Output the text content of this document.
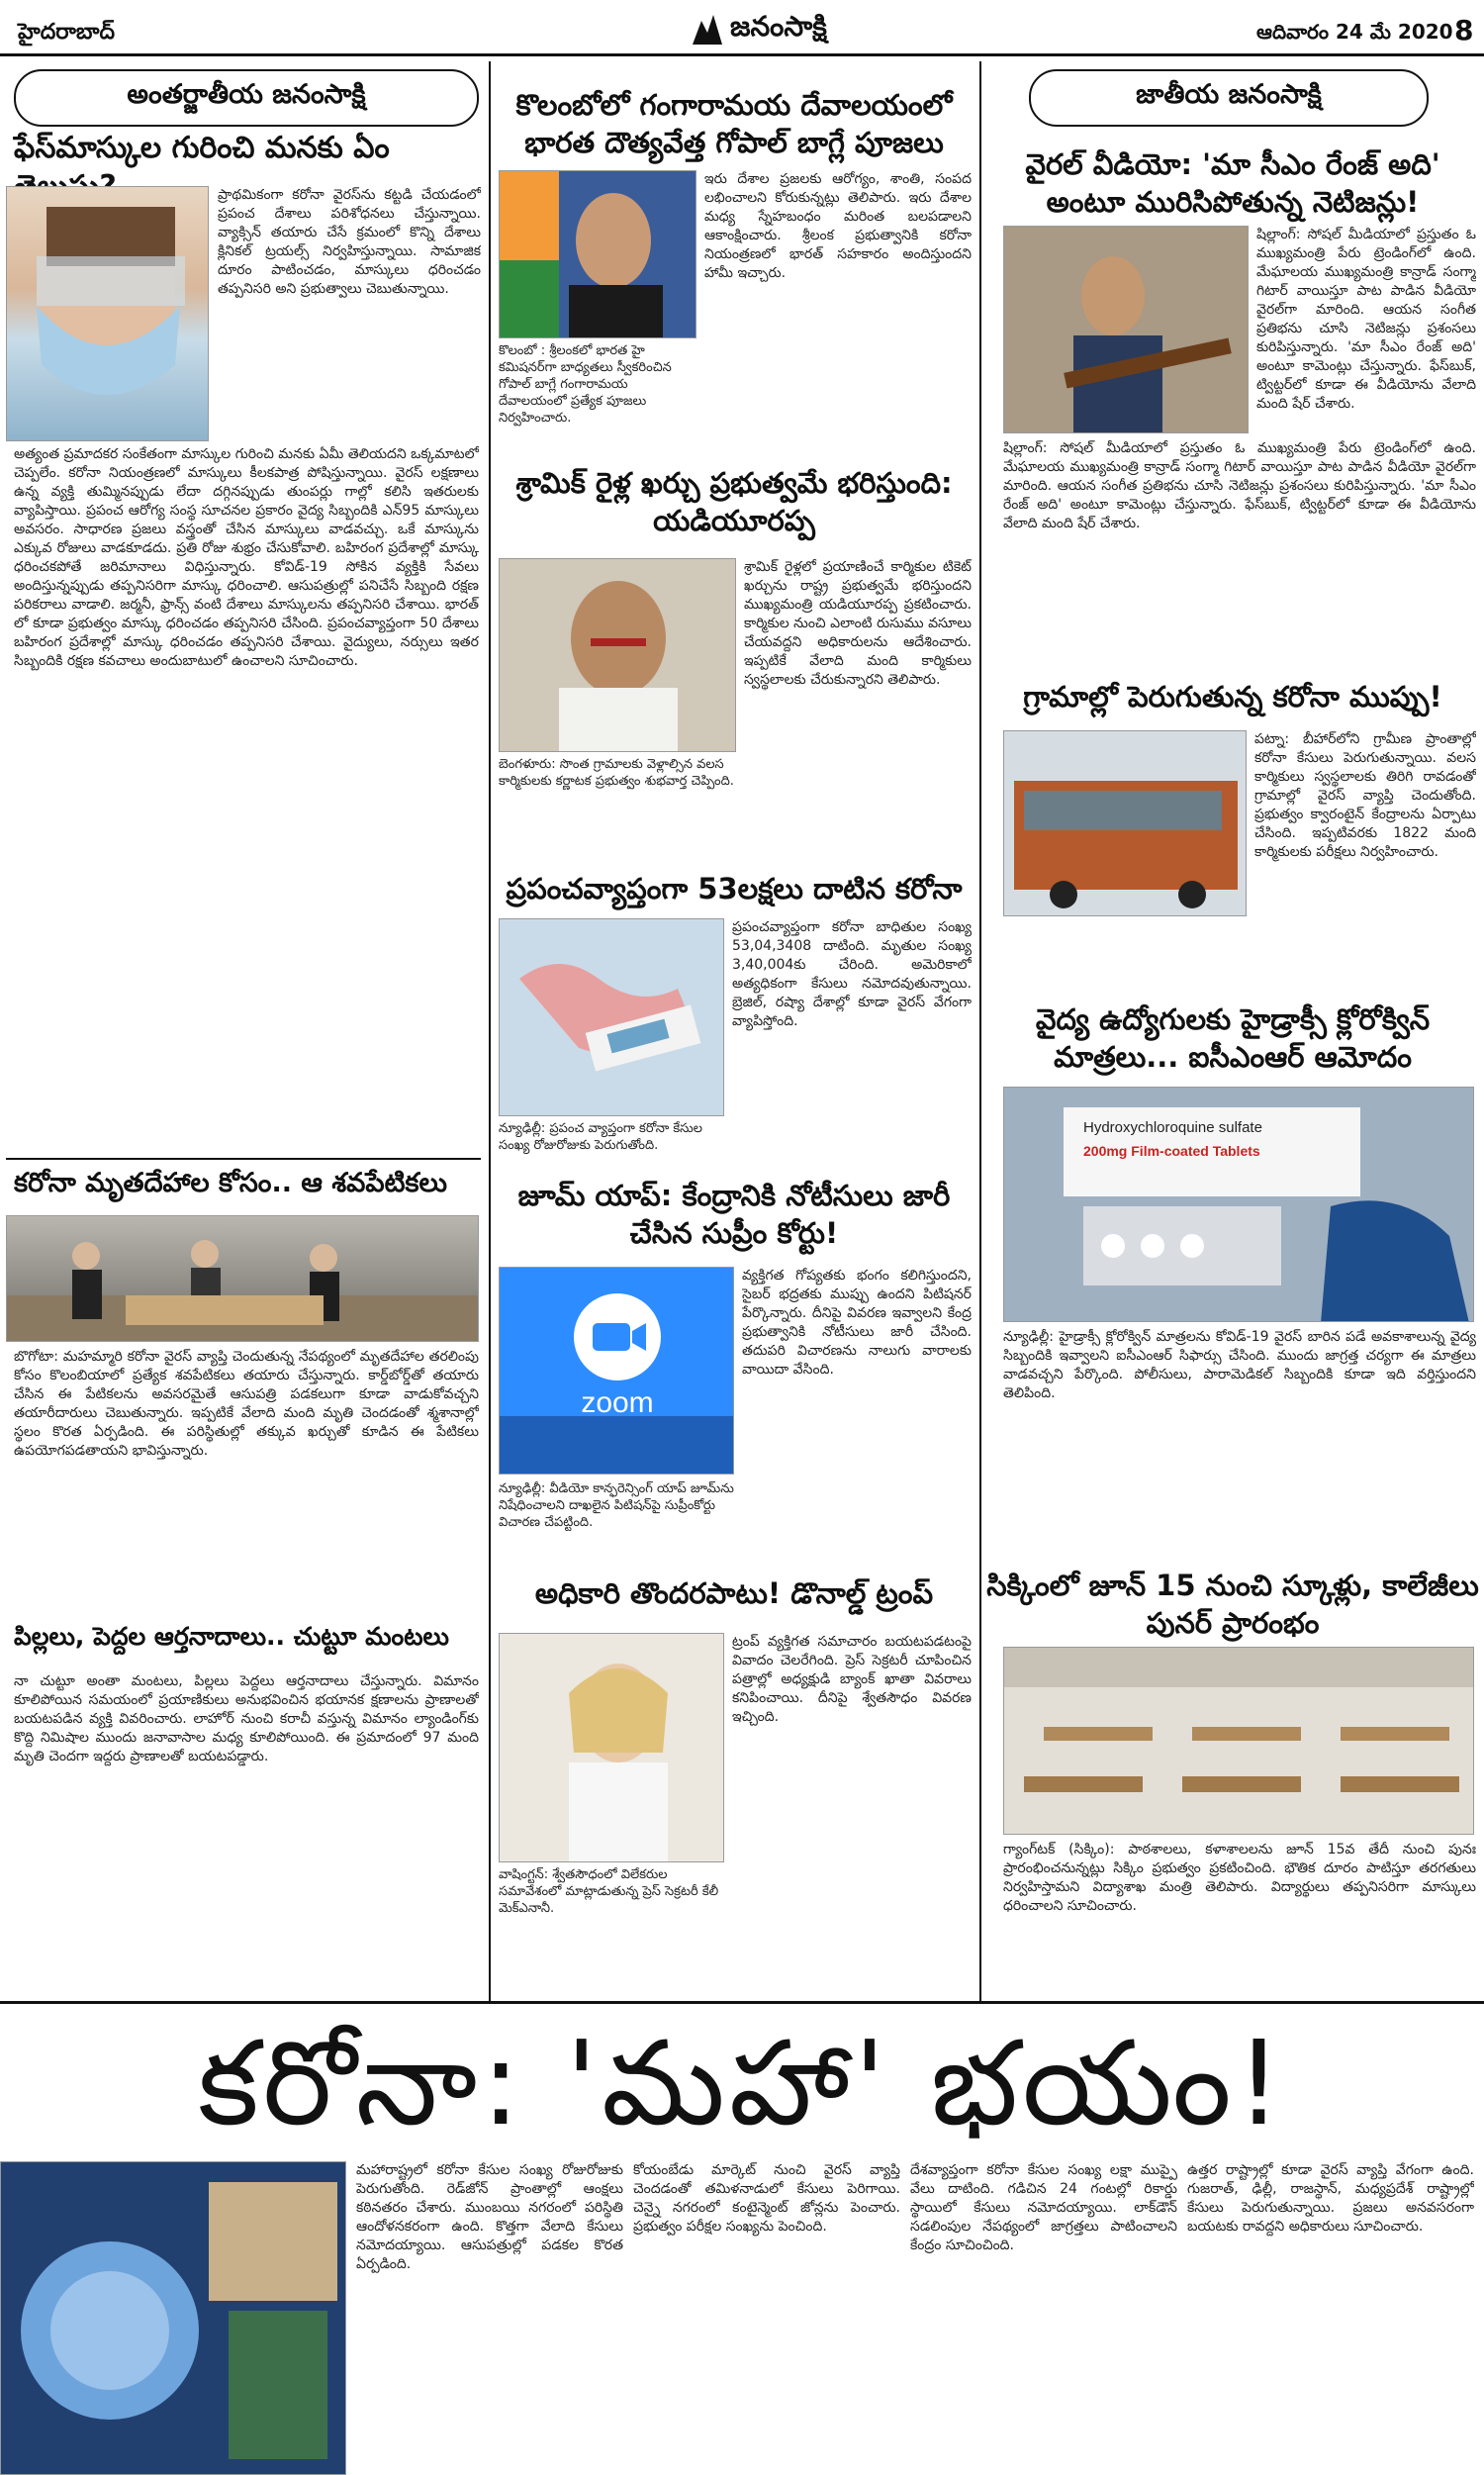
హైదరాబాద్	జనంసాక్షి	ఆదివారం 24 మే 2020 8
అంతర్జాతీయ జనంసాక్షి
ఫేస్‌మాస్కుల గురించి మనకు ఏం
ప్రాథమికంగా కరోనా వైరస్‌ను కట్టడి చేయడంలో ప్రపంచ దేశాలు పరిశోధనలు చేస్తున్నాయి. వ్యాక్సిన్ తయారు చేసే క్రమంలో కొన్ని దేశాలు క్లినికల్ ట్రయల్స్ నిర్వహిస్తున్నాయి. సామాజిక దూరం పాటించడం, మాస్కులు ధరించడం తప్పనిసరి అని ప్రభుత్వాలు చెబుతున్నాయి.
అత్యంత ప్రమాదకర సంకేతంగా మాస్కుల గురించి మనకు ఏమీ తెలియదని ఒక్కమాటలో చెప్పలేం. కరోనా నియంత్రణలో మాస్కులు కీలకపాత్ర పోషిస్తున్నాయి. వైరస్ లక్షణాలు ఉన్న వ్యక్తి తుమ్మినప్పుడు లేదా దగ్గినప్పుడు తుంపర్లు గాల్లో కలిసి ఇతరులకు వ్యాపిస్తాయి. ప్రపంచ ఆరోగ్య సంస్థ సూచనల ప్రకారం వైద్య సిబ్బందికి ఎన్95 మాస్కులు అవసరం. సాధారణ ప్రజలు వస్త్రంతో చేసిన మాస్కులు వాడవచ్చు. ఒకే మాస్కును ఎక్కువ రోజులు వాడకూడదు. ప్రతి రోజు శుభ్రం చేసుకోవాలి. బహిరంగ ప్రదేశాల్లో మాస్కు ధరించకపోతే జరిమానాలు విధిస్తున్నారు. కోవిడ్-19 సోకిన వ్యక్తికి సేవలు అందిస్తున్నప్పుడు తప్పనిసరిగా మాస్కు ధరించాలి. ఆసుపత్రుల్లో పనిచేసే సిబ్బంది రక్షణ పరికరాలు వాడాలి. జర్మనీ, ఫ్రాన్స్ వంటి దేశాలు మాస్కులను తప్పనిసరి చేశాయి. భారత్ లో కూడా ప్రభుత్వం మాస్కు ధరించడం తప్పనిసరి చేసింది. ప్రపంచవ్యాప్తంగా 50 దేశాలు బహిరంగ ప్రదేశాల్లో మాస్కు ధరించడం తప్పనిసరి చేశాయి. వైద్యులు, నర్సులు ఇతర సిబ్బందికి రక్షణ కవచాలు అందుబాటులో ఉంచాలని సూచించారు.
కరోనా మృతదేహాల కోసం.. ఆ శవపేటికలు
బొగోటా: మహమ్మారి కరోనా వైరస్ వ్యాప్తి చెందుతున్న నేపథ్యంలో మృతదేహాల తరలింపు కోసం కొలంబియాలో ప్రత్యేక శవపేటికలు తయారు చేస్తున్నారు. కార్డ్‌బోర్డ్‌తో తయారు చేసిన ఈ పేటికలను అవసరమైతే ఆసుపత్రి పడకలుగా కూడా వాడుకోవచ్చని తయారీదారులు చెబుతున్నారు. ఇప్పటికే వేలాది మంది మృతి చెందడంతో శ్మశానాల్లో స్థలం కొరత ఏర్పడింది. ఈ పరిస్థితుల్లో తక్కువ ఖర్చుతో కూడిన ఈ పేటికలు ఉపయోగపడతాయని భావిస్తున్నారు.
పిల్లలు, పెద్దల ఆర్తనాదాలు.. చుట్టూ మంటలు
నా చుట్టూ అంతా మంటలు, పిల్లలు పెద్దలు ఆర్తనాదాలు చేస్తున్నారు. విమానం కూలిపోయిన సమయంలో ప్రయాణికులు అనుభవించిన భయానక క్షణాలను ప్రాణాలతో బయటపడిన వ్యక్తి వివరించారు. లాహోర్ నుంచి కరాచీ వస్తున్న విమానం ల్యాండింగ్‌కు కొద్ది నిమిషాల ముందు జనావాసాల మధ్య కూలిపోయింది. ఈ ప్రమాదంలో 97 మంది మృతి చెందగా ఇద్దరు ప్రాణాలతో బయటపడ్డారు.
కొలంబోలో గంగారామయ దేవాలయంలో భారత దౌత్యవేత్త గోపాల్ బాగ్లే పూజలు
కొలంబో : శ్రీలంకలో భారత హై కమిషనర్‌గా బాధ్యతలు స్వీకరించిన గోపాల్ బాగ్లే గంగారామయ దేవాలయంలో ప్రత్యేక పూజలు నిర్వహించారు.
ఇరు దేశాల ప్రజలకు ఆరోగ్యం, శాంతి, సంపద లభించాలని కోరుకున్నట్లు తెలిపారు. ఇరు దేశాల మధ్య స్నేహబంధం మరింత బలపడాలని ఆకాంక్షించారు. శ్రీలంక ప్రభుత్వానికి కరోనా నియంత్రణలో భారత్ సహకారం అందిస్తుందని హామీ ఇచ్చారు.
శ్రామిక్ రైళ్ల ఖర్చు ప్రభుత్వమే భరిస్తుంది: యడియూరప్ప
బెంగళూరు: సొంత గ్రామాలకు వెళ్లాల్సిన వలస కార్మికులకు కర్ణాటక ప్రభుత్వం శుభవార్త చెప్పింది.
శ్రామిక్ రైళ్లలో ప్రయాణించే కార్మికుల టికెట్ ఖర్చును రాష్ట్ర ప్రభుత్వమే భరిస్తుందని ముఖ్యమంత్రి యడియూరప్ప ప్రకటించారు. కార్మికుల నుంచి ఎలాంటి రుసుము వసూలు చేయవద్దని అధికారులను ఆదేశించారు. ఇప్పటికే వేలాది మంది కార్మికులు స్వస్థలాలకు చేరుకున్నారని తెలిపారు.
ప్రపంచవ్యాప్తంగా 53లక్షలు దాటిన కరోనా
న్యూఢిల్లీ: ప్రపంచ వ్యాప్తంగా కరోనా కేసుల సంఖ్య రోజురోజుకు పెరుగుతోంది.
ప్రపంచవ్యాప్తంగా కరోనా బాధితుల సంఖ్య 53,04,3408 దాటింది. మృతుల సంఖ్య 3,40,004కు చేరింది. అమెరికాలో అత్యధికంగా కేసులు నమోదవుతున్నాయి. బ్రెజిల్, రష్యా దేశాల్లో కూడా వైరస్ వేగంగా వ్యాపిస్తోంది.
జూమ్ యాప్: కేంద్రానికి నోటీసులు జారీ చేసిన సుప్రీం కోర్టు!
zoom
న్యూఢిల్లీ: వీడియో కాన్ఫరెన్సింగ్ యాప్ జూమ్‌ను నిషేధించాలని దాఖలైన పిటిషన్‌పై సుప్రీంకోర్టు విచారణ చేపట్టింది.
వ్యక్తిగత గోప్యతకు భంగం కలిగిస్తుందని, సైబర్ భద్రతకు ముప్పు ఉందని పిటిషనర్ పేర్కొన్నారు. దీనిపై వివరణ ఇవ్వాలని కేంద్ర ప్రభుత్వానికి నోటీసులు జారీ చేసింది. తదుపరి విచారణను నాలుగు వారాలకు వాయిదా వేసింది.
అధికారి తొందరపాటు! డొనాల్డ్ ట్రంప్
వాషింగ్టన్: శ్వేతసౌధంలో విలేకరుల సమావేశంలో మాట్లాడుతున్న ప్రెస్ సెక్రటరీ కేలీ మెక్‌ఎనానీ.
ట్రంప్ వ్యక్తిగత సమాచారం బయటపడటంపై వివాదం చెలరేగింది. ప్రెస్ సెక్రటరీ చూపించిన పత్రాల్లో అధ్యక్షుడి బ్యాంక్ ఖాతా వివరాలు కనిపించాయి. దీనిపై శ్వేతసౌధం వివరణ ఇచ్చింది.
జాతీయ జనంసాక్షి
వైరల్ వీడియో: 'మా సీఎం రేంజ్ అది' అంటూ మురిసిపోతున్న నెటిజన్లు!
షిల్లాంగ్: సోషల్ మీడియాలో ప్రస్తుతం ఓ ముఖ్యమంత్రి పేరు ట్రెండింగ్‌లో ఉంది. మేఘాలయ ముఖ్యమంత్రి కాన్రాడ్ సంగ్మా గిటార్ వాయిస్తూ పాట పాడిన వీడియో వైరల్‌గా మారింది. ఆయన సంగీత ప్రతిభను చూసి నెటిజన్లు ప్రశంసలు కురిపిస్తున్నారు. 'మా సీఎం రేంజ్ అది' అంటూ కామెంట్లు చేస్తున్నారు. ఫేస్‌బుక్, ట్విట్టర్‌లో కూడా ఈ వీడియోను వేలాది మంది షేర్ చేశారు.
షిల్లాంగ్: సోషల్ మీడియాలో ప్రస్తుతం ఓ ముఖ్యమంత్రి పేరు ట్రెండింగ్‌లో ఉంది. మేఘాలయ ముఖ్యమంత్రి కాన్రాడ్ సంగ్మా గిటార్ వాయిస్తూ పాట పాడిన వీడియో వైరల్‌గా మారింది. ఆయన సంగీత ప్రతిభను చూసి నెటిజన్లు ప్రశంసలు కురిపిస్తున్నారు. 'మా సీఎం రేంజ్ అది' అంటూ కామెంట్లు చేస్తున్నారు. ఫేస్‌బుక్, ట్విట్టర్‌లో కూడా ఈ వీడియోను వేలాది మంది షేర్ చేశారు.
గ్రామాల్లో పెరుగుతున్న కరోనా ముప్పు!
పట్నా: బీహార్‌లోని గ్రామీణ ప్రాంతాల్లో కరోనా కేసులు పెరుగుతున్నాయి. వలస కార్మికులు స్వస్థలాలకు తిరిగి రావడంతో గ్రామాల్లో వైరస్ వ్యాప్తి చెందుతోంది. ప్రభుత్వం క్వారంటైన్ కేంద్రాలను ఏర్పాటు చేసింది. ఇప్పటివరకు 1822 మంది కార్మికులకు పరీక్షలు నిర్వహించారు.
వైద్య ఉద్యోగులకు హైడ్రాక్సీ క్లోరోక్విన్ మాత్రలు... ఐసీఎంఆర్ ఆమోదం
Hydroxychloroquine sulfate
200mg Film-coated Tablets
న్యూఢిల్లీ: హైడ్రాక్సీ క్లోరోక్విన్ మాత్రలను కోవిడ్-19 వైరస్ బారిన పడే అవకాశాలున్న వైద్య సిబ్బందికి ఇవ్వాలని ఐసీఎంఆర్ సిఫార్సు చేసింది. ముందు జాగ్రత్త చర్యగా ఈ మాత్రలు వాడవచ్చని పేర్కొంది. పోలీసులు, పారామెడికల్ సిబ్బందికి కూడా ఇది వర్తిస్తుందని తెలిపింది.
సిక్కింలో జూన్ 15 నుంచి స్కూళ్లు, కాలేజీలు పునర్ ప్రారంభం
గ్యాంగ్‌టక్ (సిక్కిం): పాఠశాలలు, కళాశాలలను జూన్ 15వ తేదీ నుంచి పునః ప్రారంభించనున్నట్లు సిక్కిం ప్రభుత్వం ప్రకటించింది. భౌతిక దూరం పాటిస్తూ తరగతులు నిర్వహిస్తామని విద్యాశాఖ మంత్రి తెలిపారు. విద్యార్థులు తప్పనిసరిగా మాస్కులు ధరించాలని సూచించారు.
కరోనా: 'మహా' భయం!
మహారాష్ట్రలో కరోనా కేసుల సంఖ్య రోజురోజుకు పెరుగుతోంది. రెడ్‌జోన్ ప్రాంతాల్లో ఆంక్షలు కఠినతరం చేశారు. ముంబయి నగరంలో పరిస్థితి ఆందోళనకరంగా ఉంది. కొత్తగా వేలాది కేసులు నమోదయ్యాయి. ఆసుపత్రుల్లో పడకల కొరత ఏర్పడింది.
కోయంబేడు మార్కెట్ నుంచి వైరస్ వ్యాప్తి చెందడంతో తమిళనాడులో కేసులు పెరిగాయి. చెన్నై నగరంలో కంటైన్మెంట్ జోన్లను పెంచారు. ప్రభుత్వం పరీక్షల సంఖ్యను పెంచింది.
దేశవ్యాప్తంగా కరోనా కేసుల సంఖ్య లక్షా ముప్పై వేలు దాటింది. గడిచిన 24 గంటల్లో రికార్డు స్థాయిలో కేసులు నమోదయ్యాయి. లాక్‌డౌన్ సడలింపుల నేపథ్యంలో జాగ్రత్తలు పాటించాలని కేంద్రం సూచించింది.
ఉత్తర రాష్ట్రాల్లో కూడా వైరస్ వ్యాప్తి వేగంగా ఉంది. గుజరాత్, ఢిల్లీ, రాజస్థాన్, మధ్యప్రదేశ్ రాష్ట్రాల్లో కేసులు పెరుగుతున్నాయి. ప్రజలు అనవసరంగా బయటకు రావద్దని అధికారులు సూచించారు.
